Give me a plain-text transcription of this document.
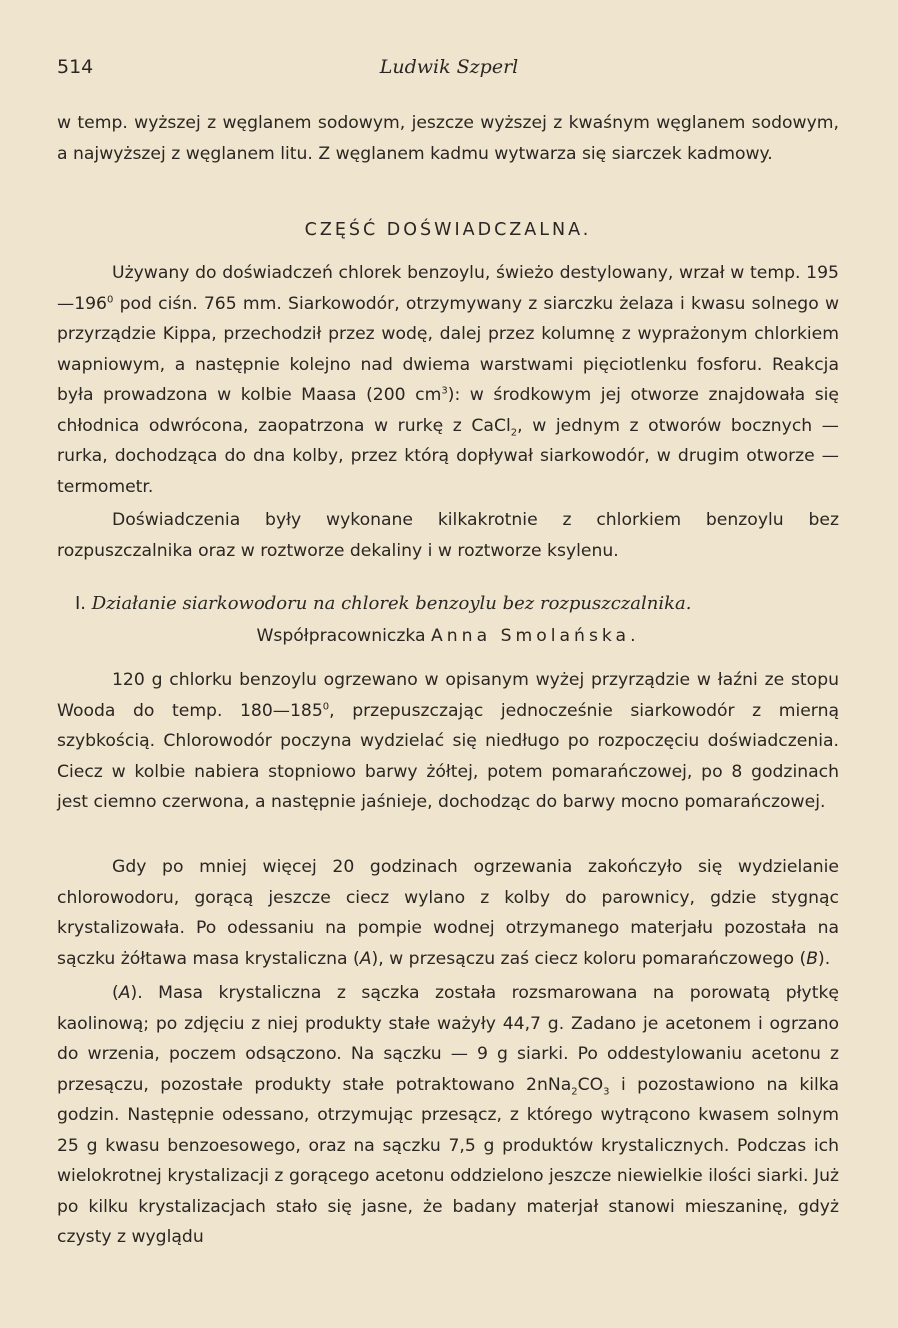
514	Ludwik Szperl
w temp. wyższej z węglanem sodowym, jeszcze wyższej z kwaśnym węglanem sodowym, a najwyższej z węglanem litu. Z węglanem kadmu wytwarza się siarczek kadmowy.
CZĘŚĆ DOŚWIADCZALNA.
Używany do doświadczeń chlorek benzoylu, świeżo destylowany, wrzał w temp. $195—196^0$ pod ciśn. 765 mm. Siarkowodór, otrzymywany z siarczku żelaza i kwasu solnego w przyrządzie Kippa, przechodził przez wodę, dalej przez kolumnę z wyprażonym chlorkiem wapniowym, a następnie kolejno nad dwiema warstwami pięciotlenku fosforu. Reakcja była prowadzona w kolbie Maasa (200 $cm^3$): w środkowym jej otworze znajdowała się chłodnica odwrócona, zaopatrzona w rurkę z CaCl$_2$, w jednym z otworów bocznych — rurka, dochodząca do dna kolby, przez którą dopływał siarkowodór, w drugim otworze — termometr.
Doświadczenia były wykonane kilkakrotnie z chlorkiem benzoylu bez rozpuszczalnika oraz w roztworze dekaliny i w roztworze ksylenu.
I. Działanie siarkowodoru na chlorek benzoylu bez rozpuszczalnika.
Współpracowniczka Anna Smolańska.
120 g chlorku benzoylu ogrzewano w opisanym wyżej przyrządzie w łaźni ze stopu Wooda do temp. $180—185^0$, przepuszczając jednocześnie siarkowodór z mierną szybkością. Chlorowodór poczyna wydzielać się niedługo po rozpoczęciu doświadczenia. Ciecz w kolbie nabiera stopniowo barwy żółtej, potem pomarańczowej, po 8 godzinach jest ciemno czerwona, a następnie jaśnieje, dochodząc do barwy mocno pomarańczowej.
Gdy po mniej więcej 20 godzinach ogrzewania zakończyło się wydzielanie chlorowodoru, gorącą jeszcze ciecz wylano z kolby do parownicy, gdzie stygnąc krystalizowała. Po odessaniu na pompie wodnej otrzymanego materjału pozostała na sączku żółtawa masa krystaliczna (A), w przesączu zaś ciecz koloru pomarańczowego (B).
(A). Masa krystaliczna z sączka została rozsmarowana na porowatą płytkę kaolinową; po zdjęciu z niej produkty stałe ważyły 44,7 g. Zadano je acetonem i ogrzano do wrzenia, poczem odsączono. Na sączku — 9 g siarki. Po oddestylowaniu acetonu z przesączu, pozostałe produkty stałe potraktowano $2nNa_2CO_3$ i pozostawiono na kilka godzin. Następnie odessano, otrzymując przesącz, z którego wytrącono kwasem solnym 25 g kwasu benzoesowego, oraz na sączku 7,5 g produktów krystalicznych. Podczas ich wielokrotnej krystalizacji z gorącego acetonu oddzielono jeszcze niewielkie ilości siarki. Już po kilku krystalizacjach stało się jasne, że badany materjał stanowi mieszaninę, gdyż czysty z wyglądu
